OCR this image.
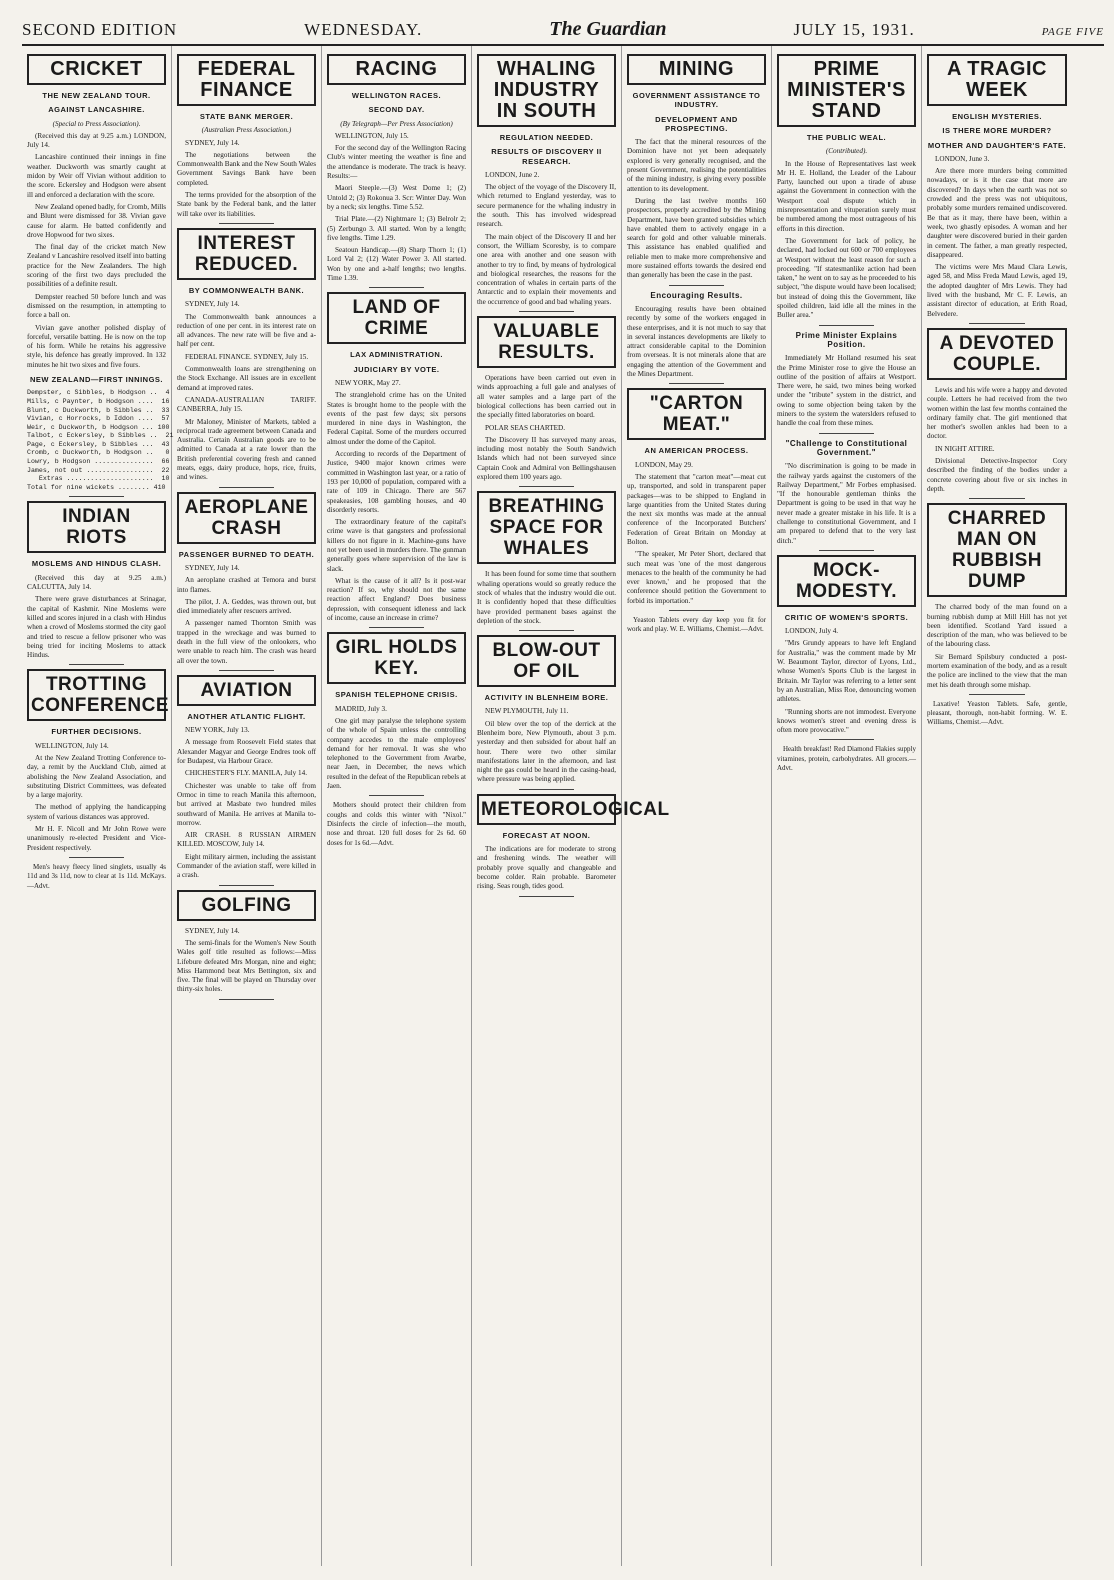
SECOND EDITION	WEDNESDAY.	The Guardian	JULY 15, 1931.	PAGE FIVE
CRICKET
THE NEW ZEALAND TOUR.
AGAINST LANCASHIRE.
(Special to Press Association).

(Received this day at 9.25 a.m.) LONDON, July 14.

Lancashire continued their innings in fine weather. Duckworth was smartly caught at midon by Weir off Vivian without addition to the score. Eckersley and Hodgson were absent ill and enforced a declaration with the score.

New Zealand opened badly, for Cromb, Mills and Blunt were dismissed for 38. Vivian gave cause for alarm. He batted confidently and drove Hopwood for two sixes.

The final day of the cricket match New Zealand v Lancashire resolved itself into batting practice for the New Zealanders. The high scoring of the first two days precluded the possibilities of a definite result.

Dempster reached 50 before lunch and was dismissed on the resumption, in attempting to force a ball on.

Vivian gave another polished display of forceful, versatile batting. He is now on the top of his form. While he retains his aggressive style, his defence has greatly improved. In 132 minutes he hit two sixes and five fours.

NEW ZEALAND—FIRST INNINGS.
Dempster, c Sibbles, b Hodgson ..  4
Mills, c Paynter, b Hodgson ....  16
Blunt, c Duckworth, b Sibbles ..  33
Vivian, c Horrocks, b Iddon ....  57
Weir, c Duckworth, b Hodgson ... 100
Talbot, c Eckersley, b Sibbles ..  21
Page, c Eckersley, b Sibbles ...  43
Cromb, c Duckworth, b Hodgson ..   0
Lowry, b Hodgson ...............  66
James, not out .................  22
Extras ......................  10
Total for nine wickets ........ 410
INDIAN RIOTS
MOSLEMS AND HINDUS CLASH.

(Received this day at 9.25 a.m.) CALCUTTA, July 14.

There were grave disturbances at Srinagar, the capital of Kashmir. Nine Moslems were killed and scores injured in a clash with Hindus when a crowd of Moslems stormed the city gaol and tried to rescue a fellow prisoner who was being tried for inciting Moslems to attack Hindus.

TROTTING CONFERENCE
FURTHER DECISIONS.

WELLINGTON, July 14.

At the New Zealand Trotting Conference to-day, a remit by the Auckland Club, aimed at abolishing the New Zealand Association, and substituting District Committees, was defeated by a large majority.

The method of applying the handicapping system of various distances was approved.

Mr H. F. Nicoll and Mr John Rowe were unanimously re-elected President and Vice-President respectively.

Men's heavy fleecy lined singlets, usually 4s 11d and 3s 11d, now to clear at 1s 11d. McKays.—Advt.

FEDERAL FINANCE
STATE BANK MERGER.
(Australian Press Association.)

SYDNEY, July 14.

The negotiations between the Commonwealth Bank and the New South Wales Government Savings Bank have been completed.

The terms provided for the absorption of the State bank by the Federal bank, and the latter will take over its liabilities.

INTEREST REDUCED.
BY COMMONWEALTH BANK.

SYDNEY, July 14.

The Commonwealth bank announces a reduction of one per cent. in its interest rate on all advances. The new rate will be five and a-half per cent.

FEDERAL FINANCE. SYDNEY, July 15.

Commonwealth loans are strengthening on the Stock Exchange. All issues are in excellent demand at improved rates.

CANADA-AUSTRALIAN TARIFF. CANBERRA, July 15.

Mr Maloney, Minister of Markets, tabled a reciprocal trade agreement between Canada and Australia. Certain Australian goods are to be admitted to Canada at a rate lower than the British preferential covering fresh and canned meats, eggs, dairy produce, hops, rice, fruits, and wines.

AEROPLANE CRASH
PASSENGER BURNED TO DEATH.

SYDNEY, July 14.

An aeroplane crashed at Temora and burst into flames.

The pilot, J. A. Geddes, was thrown out, but died immediately after rescuers arrived.

A passenger named Thornton Smith was trapped in the wreckage and was burned to death in the full view of the onlookers, who were unable to reach him. The crash was heard all over the town.

AVIATION
ANOTHER ATLANTIC FLIGHT.

NEW YORK, July 13.

A message from Roosevelt Field states that Alexander Magyar and George Endres took off for Budapest, via Harbour Grace.

CHICHESTER'S FLY. MANILA, July 14.

Chichester was unable to take off from Ormoc in time to reach Manila this afternoon, but arrived at Masbate two hundred miles southward of Manila. He arrives at Manila to-morrow.

AIR CRASH. 8 RUSSIAN AIRMEN KILLED. MOSCOW, July 14.

Eight military airmen, including the assistant Commander of the aviation staff, were killed in a crash.

GOLFING

SYDNEY, July 14.

The semi-finals for the Women's New South Wales golf title resulted as follows:—Miss Lifebure defeated Mrs Morgan, nine and eight; Miss Hammond beat Mrs Bettington, six and five. The final will be played on Thursday over thirty-six holes.

RACING
WELLINGTON RACES.
SECOND DAY.
(By Telegraph—Per Press Association)

WELLINGTON, July 15.

For the second day of the Wellington Racing Club's winter meeting the weather is fine and the attendance is moderate. The track is heavy. Results:—

Maori Steeple.—(3) West Dome 1; (2) Untold 2; (3) Rokonua 3. Scr: Winter Day. Won by a neck; six lengths. Time 5.52.

Trial Plate.—(2) Nightmare 1; (3) Belrolr 2; (5) Zerbungo 3. All started. Won by a length; five lengths. Time 1.29.

Seatoun Handicap.—(8) Sharp Thorn 1; (1) Lord Val 2; (12) Water Power 3. All started. Won by one and a-half lengths; two lengths. Time 1.39.

LAND OF CRIME
LAX ADMINISTRATION.
JUDICIARY BY VOTE.

NEW YORK, May 27.

The stranglehold crime has on the United States is brought home to the people with the events of the past few days; six persons murdered in nine days in Washington, the Federal Capital. Some of the murders occurred almost under the dome of the Capitol.

According to records of the Department of Justice, 9400 major known crimes were committed in Washington last year, or a ratio of 193 per 10,000 of population, compared with a rate of 109 in Chicago. There are 567 speakeasies, 108 gambling houses, and 40 disorderly resorts.

The extraordinary feature of the capital's crime wave is that gangsters and professional killers do not figure in it. Machine-guns have not yet been used in murders there. The gunman generally goes where supervision of the law is slack.

What is the cause of it all? Is it post-war reaction? If so, why should not the same reaction affect England? Does business depression, with consequent idleness and lack of income, cause an increase in crime?

GIRL HOLDS KEY.
SPANISH TELEPHONE CRISIS.

MADRID, July 3.

One girl may paralyse the telephone system of the whole of Spain unless the controlling company accedes to the male employees' demand for her removal. It was she who telephoned to the Government from Avarbe, near Jaen, in December, the news which resulted in the defeat of the Republican rebels at Jaen.

Mothers should protect their children from coughs and colds this winter with "Nixol." Disinfects the circle of infection—the mouth, nose and throat. 120 full doses for 2s 6d. 60 doses for 1s 6d.—Advt.

WHALING INDUSTRY IN SOUTH
REGULATION NEEDED.
RESULTS OF DISCOVERY II RESEARCH.

LONDON, June 2.

The object of the voyage of the Discovery II, which returned to England yesterday, was to secure permanence for the whaling industry in the south. This has involved widespread research.

The main object of the Discovery II and her consort, the William Scoresby, is to compare one area with another and one season with another to try to find, by means of hydrological and biological researches, the reasons for the concentration of whales in certain parts of the Antarctic and to explain their movements and the occurrence of good and bad whaling years.

VALUABLE RESULTS.

Operations have been carried out even in winds approaching a full gale and analyses of all water samples and a large part of the biological collections has been carried out in the specially fitted laboratories on board.

POLAR SEAS CHARTED.

The Discovery II has surveyed many areas, including most notably the South Sandwich Islands which had not been surveyed since Captain Cook and Admiral von Bellingshausen explored them 100 years ago.

BREATHING SPACE FOR WHALES

It has been found for some time that southern whaling operations would so greatly reduce the stock of whales that the industry would die out. It is confidently hoped that these difficulties have provided permanent bases against the depletion of the stock.

BLOW-OUT OF OIL
ACTIVITY IN BLENHEIM BORE.

NEW PLYMOUTH, July 11.

Oil blew over the top of the derrick at the Blenheim bore, New Plymouth, about 3 p.m. yesterday and then subsided for about half an hour. There were two other similar manifestations later in the afternoon, and last night the gas could be heard in the casing-head, where pressure was being applied.

METEOROLOGICAL
FORECAST AT NOON.

The indications are for moderate to strong and freshening winds. The weather will probably prove squally and changeable and become colder. Rain probable. Barometer rising. Seas rough, tides good.

MINING
GOVERNMENT ASSISTANCE TO INDUSTRY.
DEVELOPMENT AND PROSPECTING.

The fact that the mineral resources of the Dominion have not yet been adequately explored is very generally recognised, and the present Government, realising the potentialities of the mining industry, is giving every possible attention to its development.

During the last twelve months 160 prospectors, properly accredited by the Mining Department, have been granted subsidies which have enabled them to actively engage in a search for gold and other valuable minerals. This assistance has enabled qualified and reliable men to make more comprehensive and more sustained efforts towards the desired end than generally has been the case in the past.

Encouraging Results.

Encouraging results have been obtained recently by some of the workers engaged in these enterprises, and it is not much to say that in several instances developments are likely to attract considerable capital to the Dominion from overseas. It is not minerals alone that are engaging the attention of the Government and the Mines Department.

"CARTON MEAT."
AN AMERICAN PROCESS.

LONDON, May 29.

The statement that "carton meat"—meat cut up, transported, and sold in transparent paper packages—was to be shipped to England in large quantities from the United States during the next six months was made at the annual conference of the Incorporated Butchers' Federation of Great Britain on Monday at Bolton.

"The speaker, Mr Peter Short, declared that such meat was 'one of the most dangerous menaces to the health of the community he had ever known,' and he proposed that the conference should petition the Government to forbid its importation."

Yeaston Tablets every day keep you fit for work and play. W. E. Williams, Chemist.—Advt.

PRIME MINISTER'S STAND
THE PUBLIC WEAL.
(Contributed).

In the House of Representatives last week Mr H. E. Holland, the Leader of the Labour Party, launched out upon a tirade of abuse against the Government in connection with the Westport coal dispute which in misrepresentation and vituperation surely must be numbered among the most outrageous of his efforts in this direction.

The Government for lack of policy, he declared, had locked out 600 or 700 employees at Westport without the least reason for such a proceeding. "If statesmanlike action had been taken," he went on to say as he proceeded to his subject, "the dispute would have been localised; but instead of doing this the Government, like spoiled children, laid idle all the mines in the Buller area."

Prime Minister Explains Position.

Immediately Mr Holland resumed his seat the Prime Minister rose to give the House an outline of the position of affairs at Westport. There were, he said, two mines being worked under the "tribute" system in the district, and owing to some objection being taken by the miners to the system the waterslders refused to handle the coal from these mines.

"Challenge to Constitutional Government."

"No discrimination is going to be made in the railway yards against the customers of the Railway Department," Mr Forbes emphasised. "If the honourable gentleman thinks the Department is going to be used in that way he never made a greater mistake in his life. It is a challenge to constitutional Government, and I am prepared to defend that to the very last ditch."

MOCK-MODESTY.
CRITIC OF WOMEN'S SPORTS.

LONDON, July 4.

"Mrs Grundy appears to have left England for Australia," was the comment made by Mr W. Beaumont Taylor, director of Lyons, Ltd., whose Women's Sports Club is the largest in Britain. Mr Taylor was referring to a letter sent by an Australian, Miss Roe, denouncing women athletes.

"Running shorts are not immodest. Everyone knows women's street and evening dress is often more provocative."

Health breakfast! Red Diamond Flakies supply vitamines, protein, carbohydrates. All grocers.—Advt.

A TRAGIC WEEK
ENGLISH MYSTERIES.
IS THERE MORE MURDER?
MOTHER AND DAUGHTER'S FATE.

LONDON, June 3.

Are there more murders being committed nowadays, or is it the case that more are discovered? In days when the earth was not so crowded and the press was not ubiquitous, probably some murders remained undiscovered. Be that as it may, there have been, within a week, two ghastly episodes. A woman and her daughter were discovered buried in their garden in cement. The father, a man greatly respected, disappeared.

The victims were Mrs Maud Clara Lewis, aged 58, and Miss Freda Maud Lewis, aged 19, the adopted daughter of Mrs Lewis. They had lived with the husband, Mr C. F. Lewis, an assistant director of education, at Erith Road, Belvedere.

A DEVOTED COUPLE.

Lewis and his wife were a happy and devoted couple. Letters he had received from the two women within the last few months contained the ordinary family chat. The girl mentioned that her mother's swollen ankles had been to a doctor.

IN NIGHT ATTIRE.

Divisional Detective-Inspector Cory described the finding of the bodies under a concrete covering about five or six inches in depth.

CHARRED MAN ON RUBBISH DUMP

The charred body of the man found on a burning rubbish dump at Mill Hill has not yet been identified. Scotland Yard issued a description of the man, who was believed to be of the labouring class.

Sir Bernard Spilsbury conducted a post-mortem examination of the body, and as a result the police are inclined to the view that the man met his death through some mishap.

Laxative! Yeaston Tablets. Safe, gentle, pleasant, thorough, non-habit forming. W. E. Williams, Chemist.—Advt.
